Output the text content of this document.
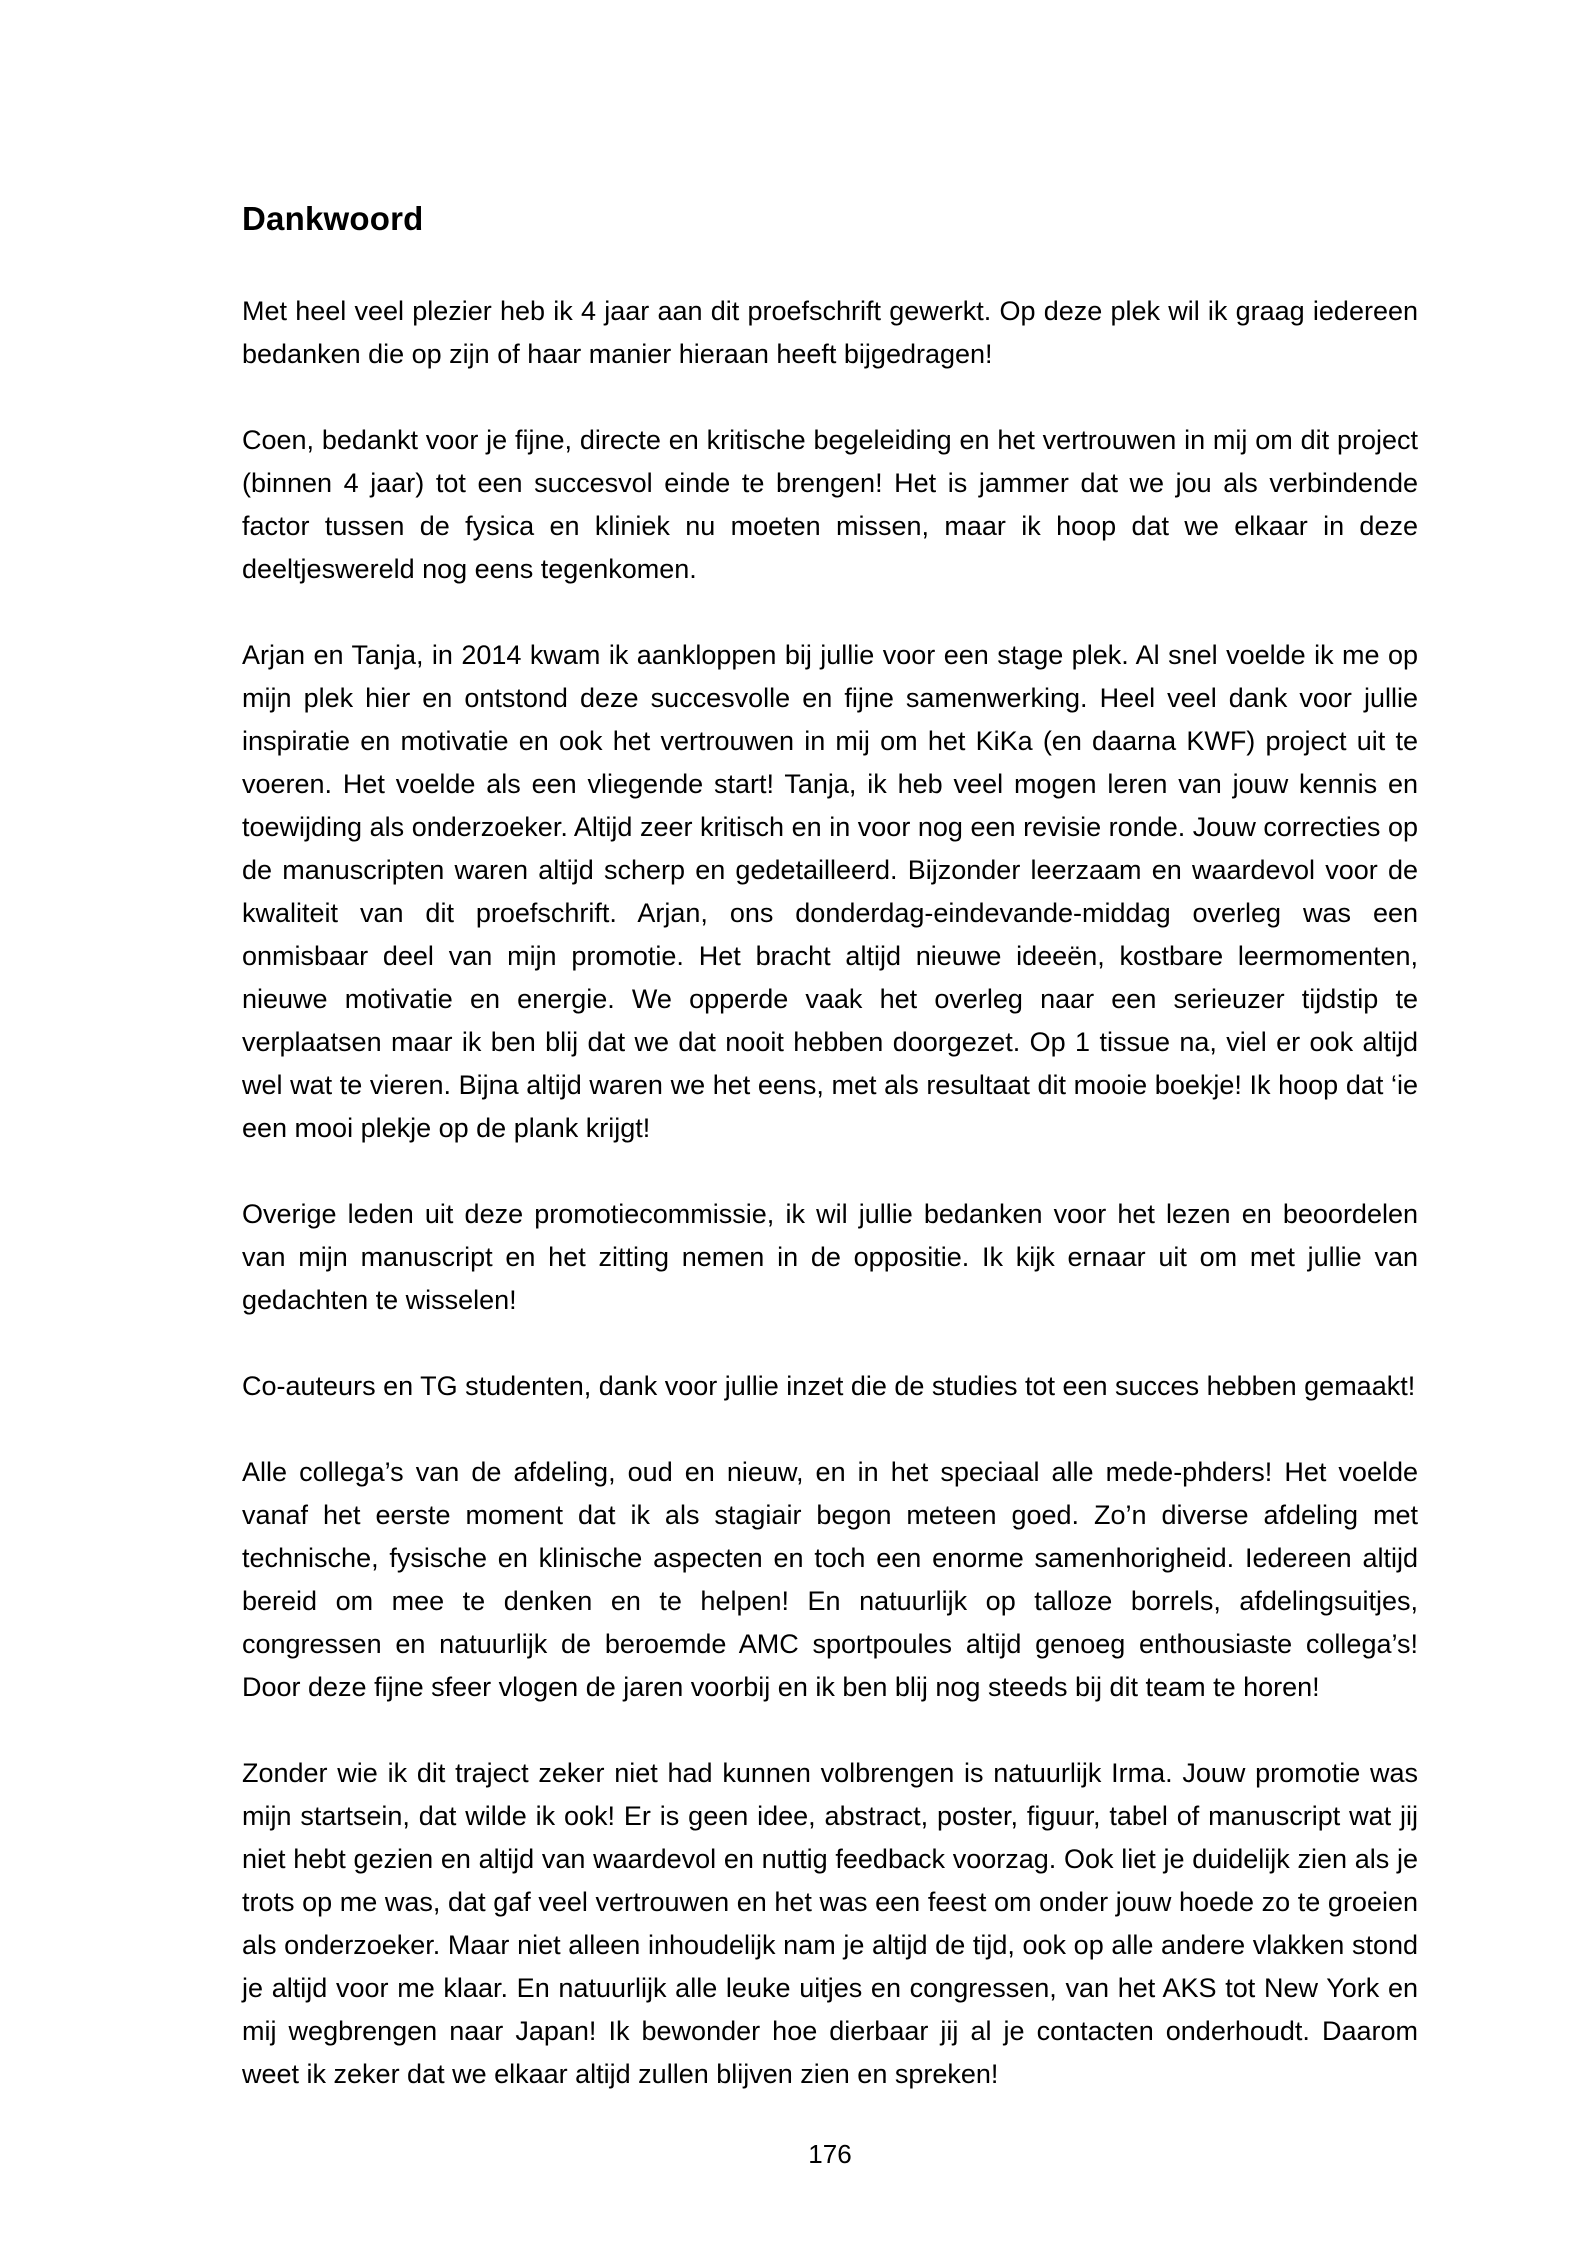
Dankwoord

Met heel veel plezier heb ik 4 jaar aan dit proefschrift gewerkt. Op deze plek wil ik graag iedereen bedanken die op zijn of haar manier hieraan heeft bijgedragen!

Coen, bedankt voor je fijne, directe en kritische begeleiding en het vertrouwen in mij om dit project (binnen 4 jaar) tot een succesvol einde te brengen! Het is jammer dat we jou als verbindende factor tussen de fysica en kliniek nu moeten missen, maar ik hoop dat we elkaar in deze deeltjeswereld nog eens tegenkomen.

Arjan en Tanja, in 2014 kwam ik aankloppen bij jullie voor een stage plek. Al snel voelde ik me op mijn plek hier en ontstond deze succesvolle en fijne samenwerking. Heel veel dank voor jullie inspiratie en motivatie en ook het vertrouwen in mij om het KiKa (en daarna KWF) project uit te voeren. Het voelde als een vliegende start! Tanja, ik heb veel mogen leren van jouw kennis en toewijding als onderzoeker. Altijd zeer kritisch en in voor nog een revisie ronde. Jouw correcties op de manuscripten waren altijd scherp en gedetailleerd. Bijzonder leerzaam en waardevol voor de kwaliteit van dit proefschrift. Arjan, ons donderdag-eindevande-middag overleg was een onmisbaar deel van mijn promotie. Het bracht altijd nieuwe ideeën, kostbare leermomenten, nieuwe motivatie en energie. We opperde vaak het overleg naar een serieuzer tijdstip te verplaatsen maar ik ben blij dat we dat nooit hebben doorgezet. Op 1 tissue na, viel er ook altijd wel wat te vieren. Bijna altijd waren we het eens, met als resultaat dit mooie boekje! Ik hoop dat ‘ie een mooi plekje op de plank krijgt!

Overige leden uit deze promotiecommissie, ik wil jullie bedanken voor het lezen en beoordelen van mijn manuscript en het zitting nemen in de oppositie. Ik kijk ernaar uit om met jullie van gedachten te wisselen!

Co-auteurs en TG studenten, dank voor jullie inzet die de studies tot een succes hebben gemaakt!

Alle collega’s van de afdeling, oud en nieuw, en in het speciaal alle mede-phders! Het voelde vanaf het eerste moment dat ik als stagiair begon meteen goed. Zo’n diverse afdeling met technische, fysische en klinische aspecten en toch een enorme samenhorigheid. Iedereen altijd bereid om mee te denken en te helpen! En natuurlijk op talloze borrels, afdelingsuitjes, congressen en natuurlijk de beroemde AMC sportpoules altijd genoeg enthousiaste collega’s! Door deze fijne sfeer vlogen de jaren voorbij en ik ben blij nog steeds bij dit team te horen!

Zonder wie ik dit traject zeker niet had kunnen volbrengen is natuurlijk Irma. Jouw promotie was mijn startsein, dat wilde ik ook! Er is geen idee, abstract, poster, figuur, tabel of manuscript wat jij niet hebt gezien en altijd van waardevol en nuttig feedback voorzag. Ook liet je duidelijk zien als je trots op me was, dat gaf veel vertrouwen en het was een feest om onder jouw hoede zo te groeien als onderzoeker. Maar niet alleen inhoudelijk nam je altijd de tijd, ook op alle andere vlakken stond je altijd voor me klaar. En natuurlijk alle leuke uitjes en congressen, van het AKS tot New York en mij wegbrengen naar Japan! Ik bewonder hoe dierbaar jij al je contacten onderhoudt. Daarom weet ik zeker dat we elkaar altijd zullen blijven zien en spreken!

176
